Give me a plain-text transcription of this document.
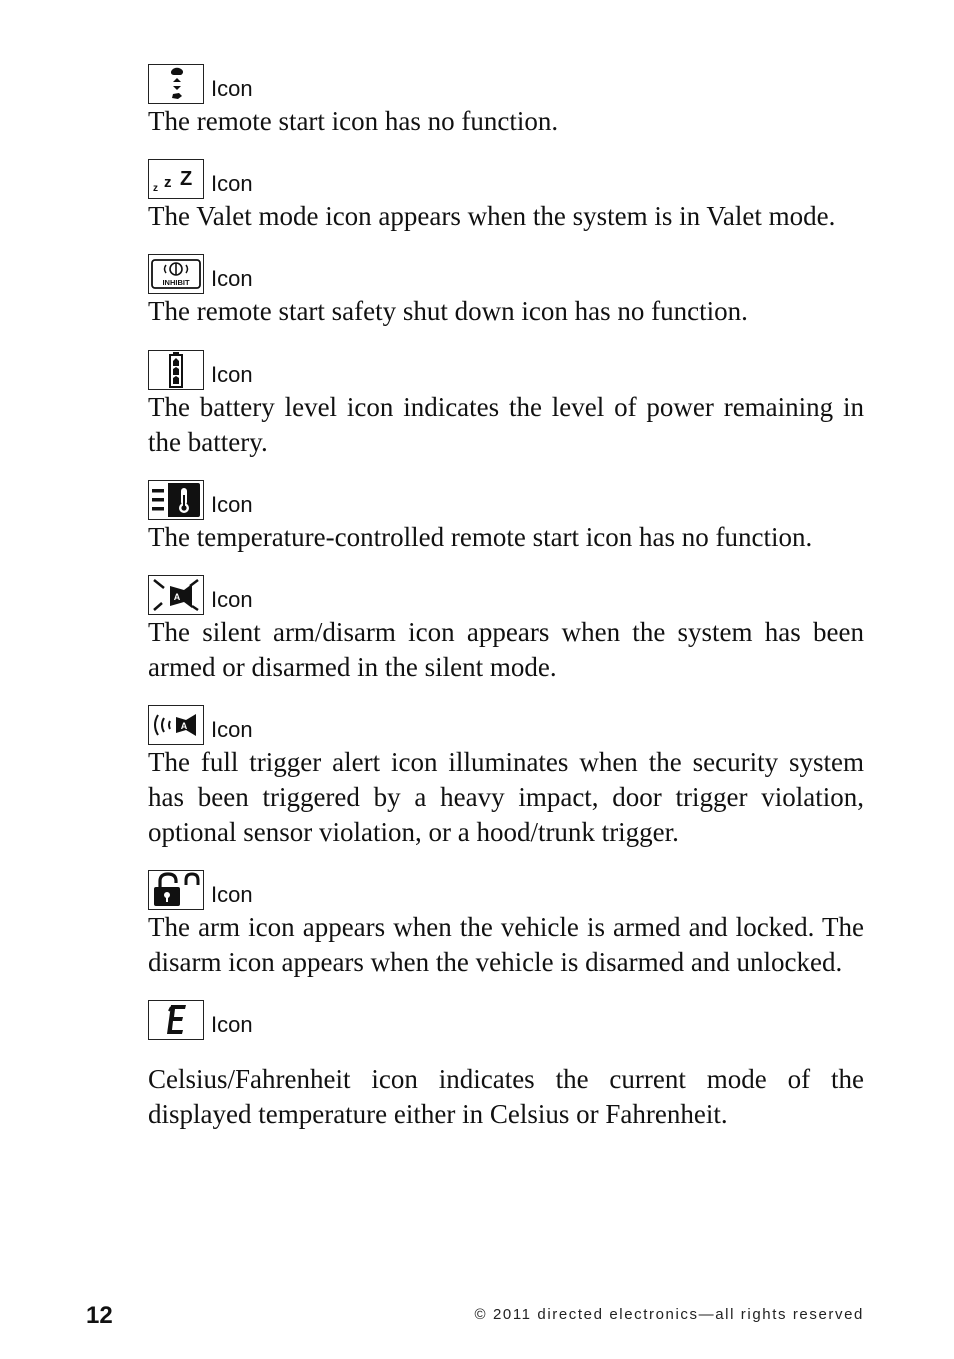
Icon

The remote start icon has no function.

z z Z Icon

The Valet mode icon appears when the system is in Valet mode.

INHIBIT Icon

The remote start safety shut down icon has no function.

Icon

The battery level icon indicates the level of power remaining in the battery.

Icon

The temperature-controlled remote start icon has no function.

A Icon

The silent arm/disarm icon appears when the system has been armed or disarmed in the silent mode.

A Icon

The full trigger alert icon illuminates when the security system has been triggered by a heavy impact, door trigger violation, optional sensor violation, or a hood/trunk trigger.

Icon

The arm icon appears when the vehicle is armed and locked. The disarm icon appears when the vehicle is disarmed and unlocked.

Icon

Celsius/Fahrenheit icon indicates the current mode of the displayed temperature either in Celsius or Fahrenheit.

12	© 2011 directed electronics—all rights reserved
